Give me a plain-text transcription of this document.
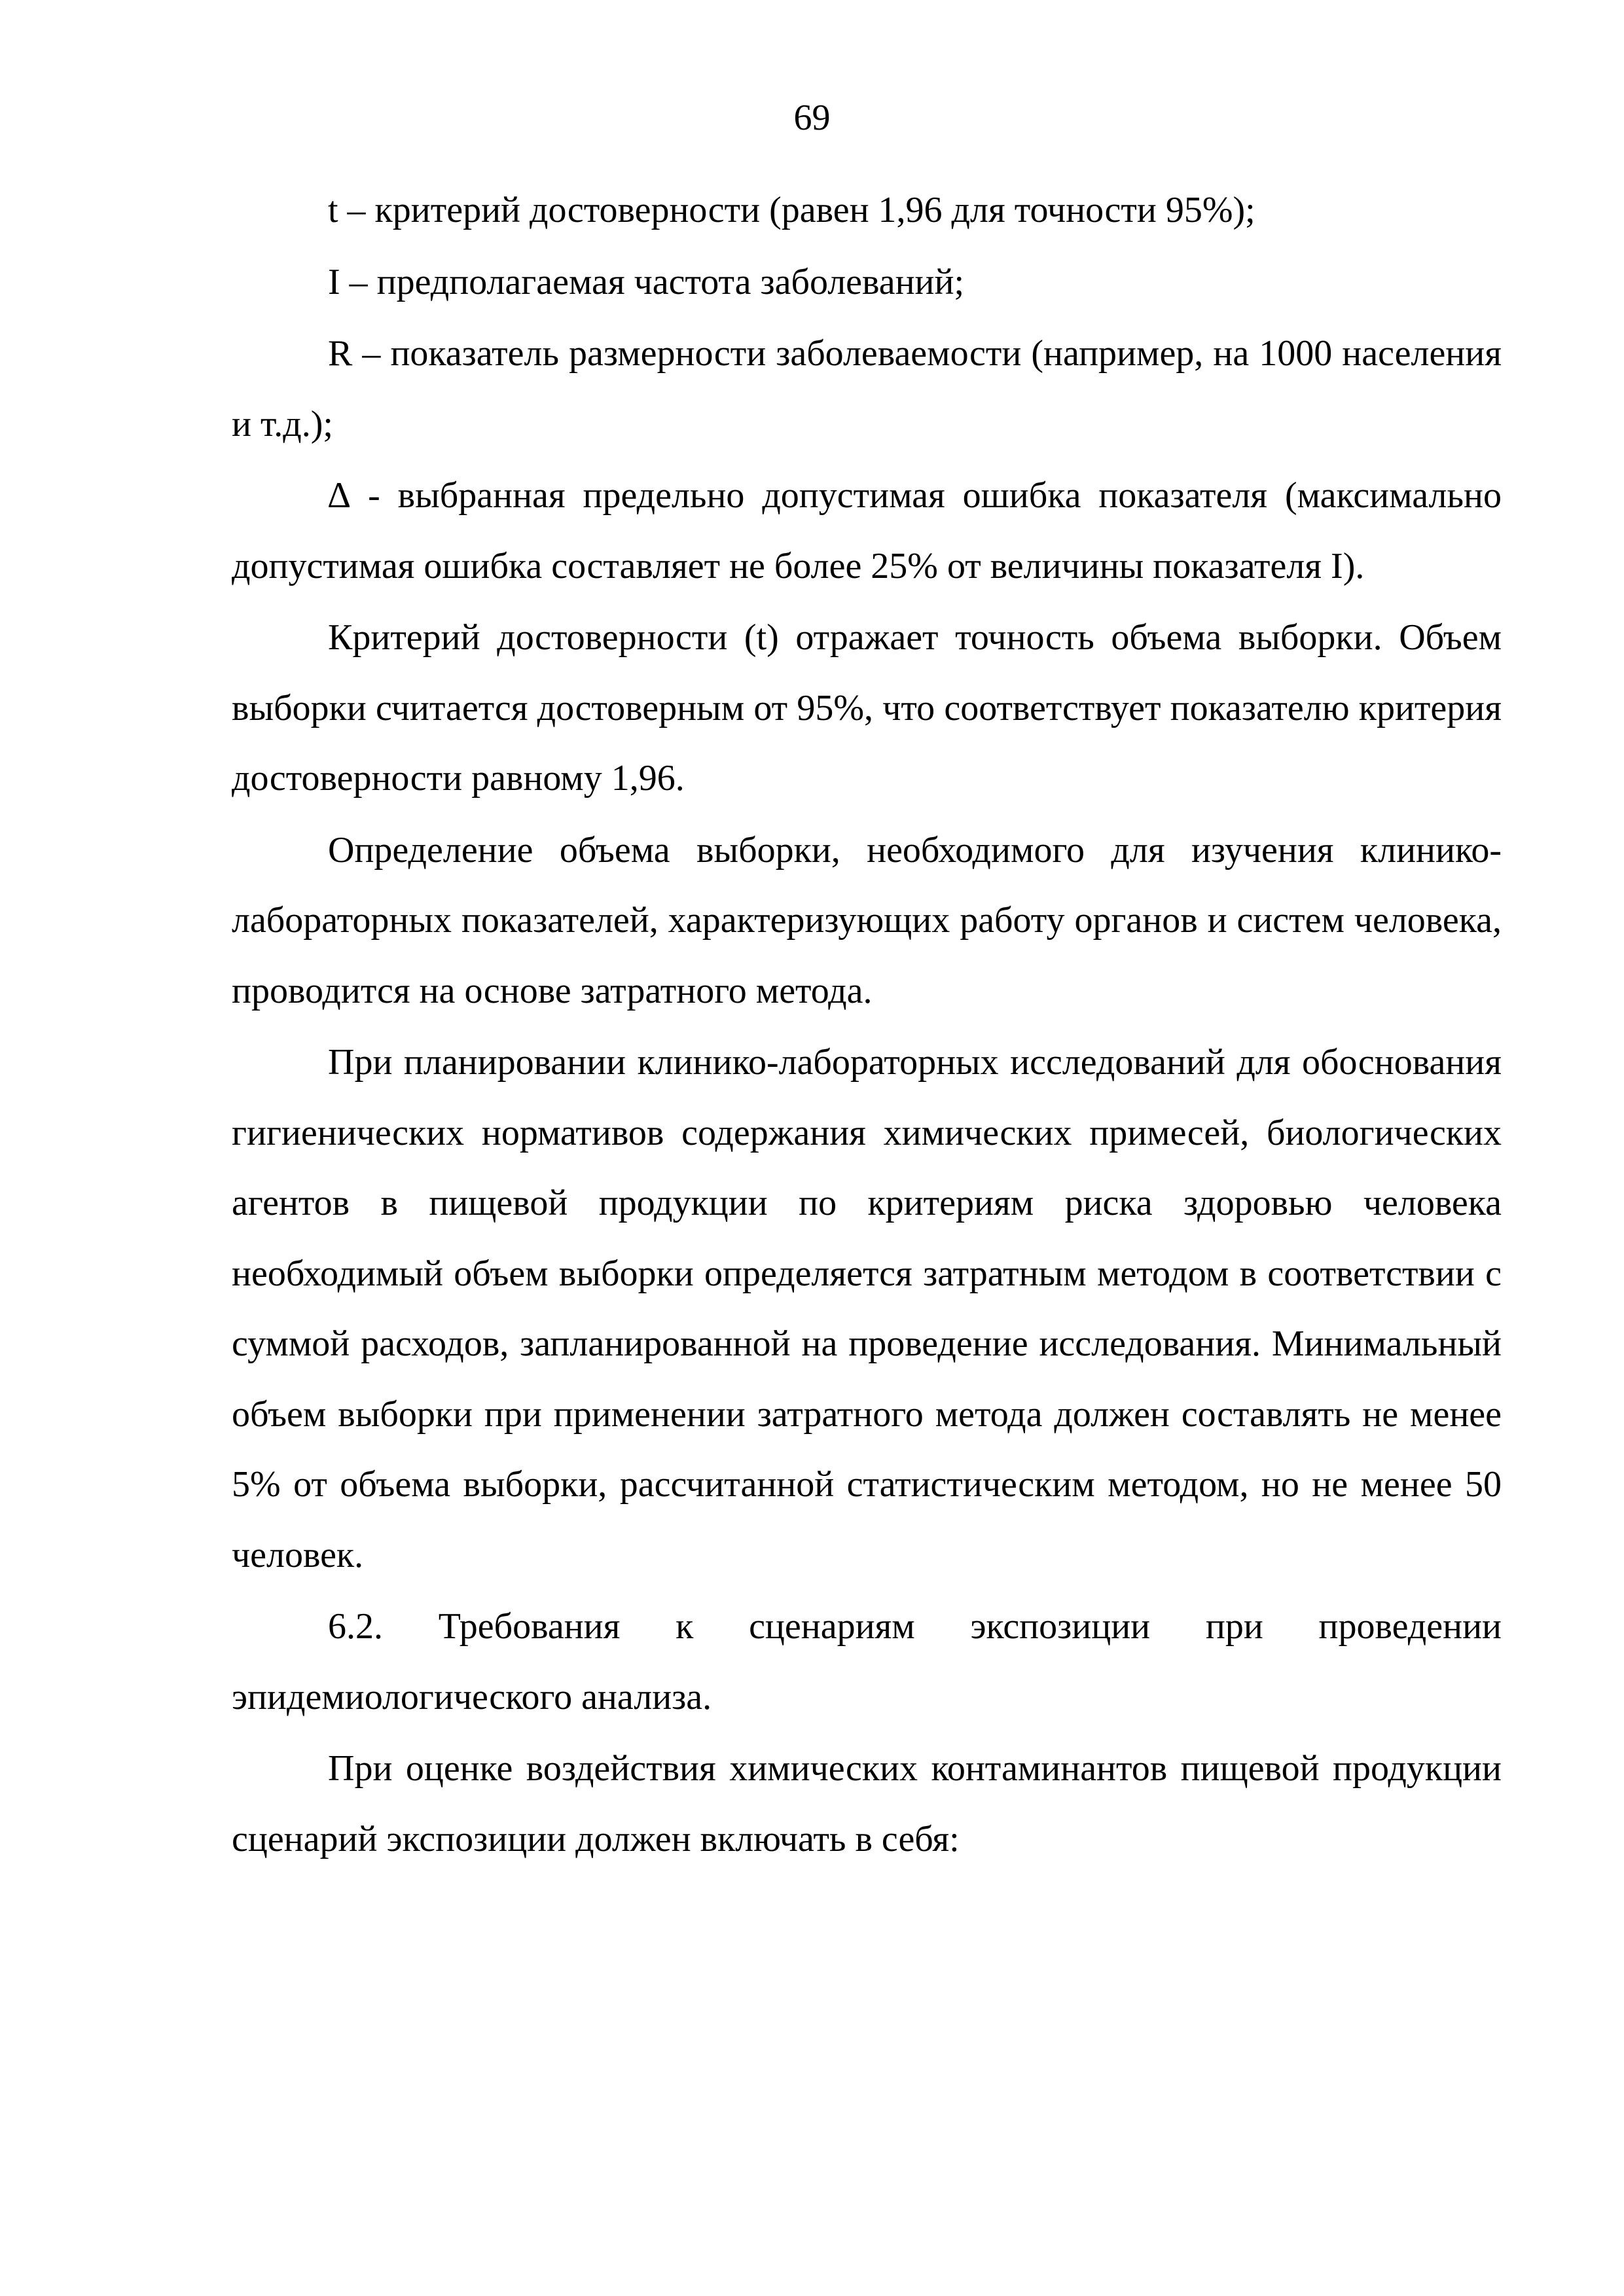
69

t – критерий достоверности (равен 1,96 для точности 95%);

I – предполагаемая частота заболеваний;

R – показатель размерности заболеваемости (например, на 1000 населения и т.д.);

∆ - выбранная предельно допустимая ошибка показателя (максимально допустимая ошибка составляет не более 25% от величины показателя I).

Критерий достоверности (t) отражает точность объема выборки. Объем выборки считается достоверным от 95%, что соответствует показателю критерия достоверности равному 1,96.

Определение объема выборки, необходимого для изучения клинико-лабораторных показателей, характеризующих работу органов и систем человека, проводится на основе затратного метода.

При планировании клинико-лабораторных исследований для обоснования гигиенических нормативов содержания химических примесей, биологических агентов в пищевой продукции по критериям риска здоровью человека необходимый объем выборки определяется затратным методом в соответствии с суммой расходов, запланированной на проведение исследования. Минимальный объем выборки при применении затратного метода должен составлять не менее 5% от объема выборки, рассчитанной статистическим методом, но не менее 50 человек.

6.2. Требования к сценариям экспозиции при проведении эпидемиологического анализа.

При оценке воздействия химических контаминантов пищевой продукции сценарий экспозиции должен включать в себя:
